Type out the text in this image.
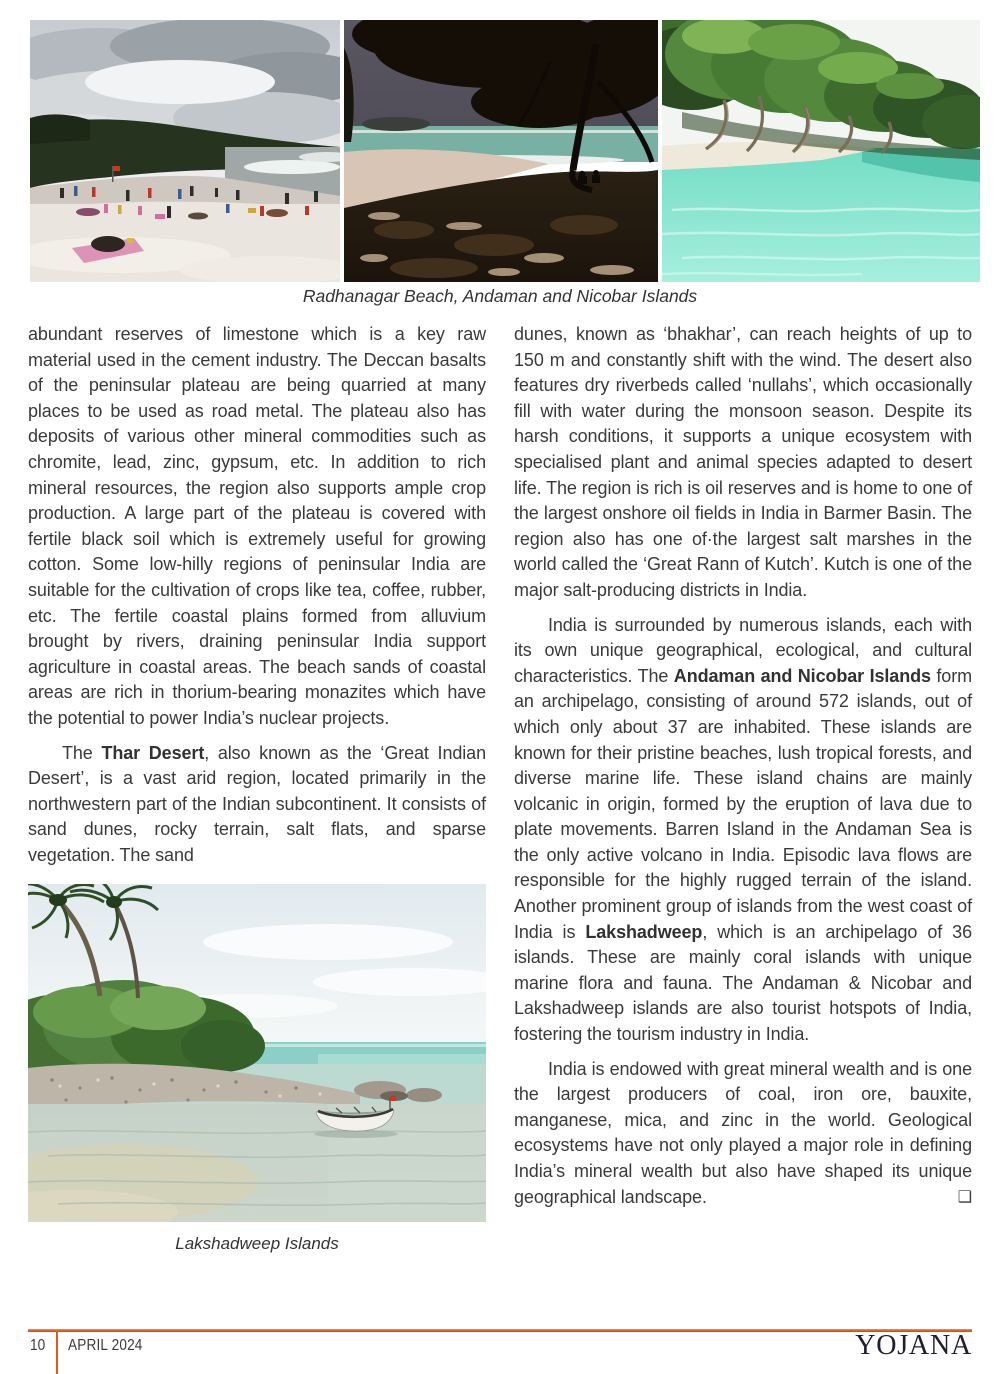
Radhanagar Beach, Andaman and Nicobar Islands

abundant reserves of limestone which is a key raw material used in the cement industry. The Deccan basalts of the peninsular plateau are being quarried at many places to be used as road metal. The plateau also has deposits of various other mineral commodities such as chromite, lead, zinc, gypsum, etc. In addition to rich mineral resources, the region also supports ample crop production. A large part of the plateau is covered with fertile black soil which is extremely useful for growing cotton. Some low-hilly regions of peninsular India are suitable for the cultivation of crops like tea, coffee, rubber, etc. The fertile coastal plains formed from alluvium brought by rivers, draining peninsular India support agriculture in coastal areas. The beach sands of coastal areas are rich in thorium-bearing monazites which have the potential to power India’s nuclear projects.

The Thar Desert, also known as the ‘Great Indian Desert’, is a vast arid region, located primarily in the northwestern part of the Indian subcontinent. It consists of sand dunes, rocky terrain, salt flats, and sparse vegetation. The sand

Lakshadweep Islands

dunes, known as ‘bhakhar’, can reach heights of up to 150 m and constantly shift with the wind. The desert also features dry riverbeds called ‘nullahs’, which occasionally fill with water during the monsoon season. Despite its harsh conditions, it supports a unique ecosystem with specialised plant and animal species adapted to desert life. The region is rich is oil reserves and is home to one of the largest onshore oil fields in India in Barmer Basin. The region also has one of·the largest salt marshes in the world called the ‘Great Rann of Kutch’. Kutch is one of the major salt-producing districts in India.

India is surrounded by numerous islands, each with its own unique geographical, ecological, and cultural characteristics. The Andaman and Nicobar Islands form an archipelago, consisting of around 572 islands, out of which only about 37 are inhabited. These islands are known for their pristine beaches, lush tropical forests, and diverse marine life. These island chains are mainly volcanic in origin, formed by the eruption of lava due to plate movements. Barren Island in the Andaman Sea is the only active volcano in India. Episodic lava flows are responsible for the highly rugged terrain of the island. Another prominent group of islands from the west coast of India is Lakshadweep, which is an archipelago of 36 islands. These are mainly coral islands with unique marine flora and fauna. The Andaman & Nicobar and Lakshadweep islands are also tourist hotspots of India, fostering the tourism industry in India.

India is endowed with great mineral wealth and is one the largest producers of coal, iron ore, bauxite, manganese, mica, and zinc in the world. Geological ecosystems have not only played a major role in defining India’s mineral wealth but also have shaped its unique geographical landscape.	❑

10 APRIL 2024	YOJANA
